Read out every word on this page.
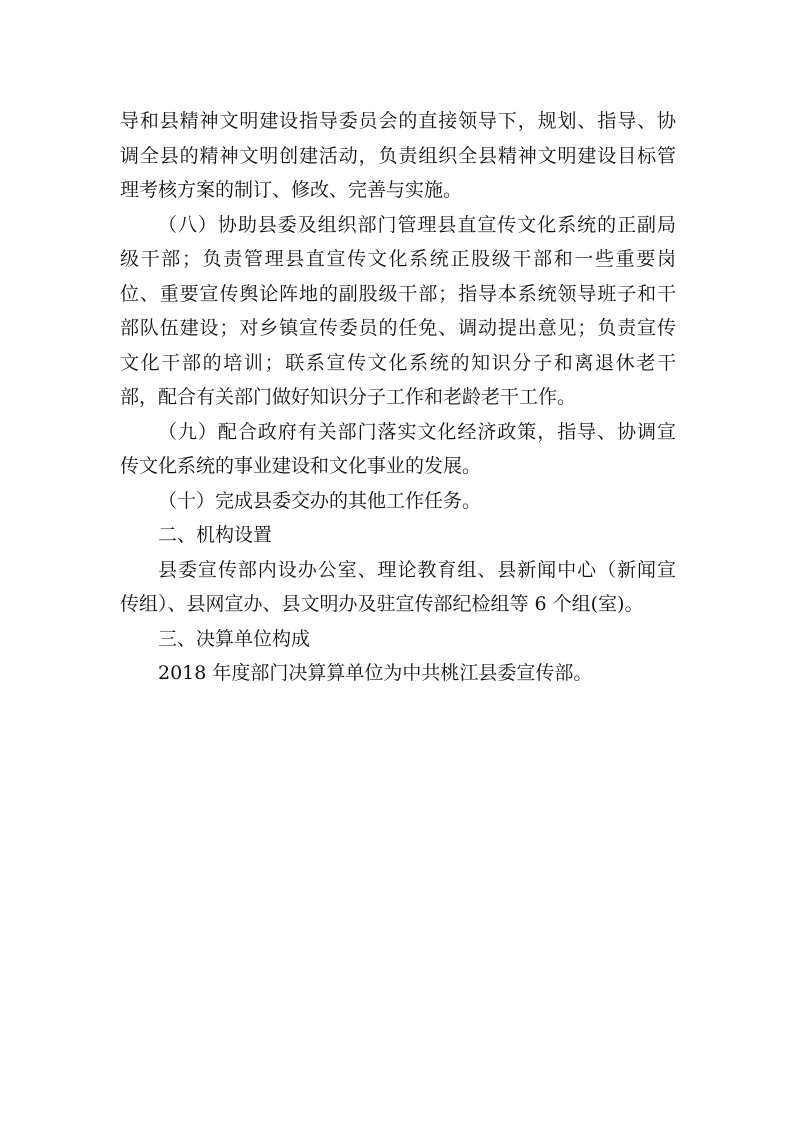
导和县精神文明建设指导委员会的直接领导下，规划、指导、协
调全县的精神文明创建活动，负责组织全县精神文明建设目标管
理考核方案的制订、修改、完善与实施。
（八）协助县委及组织部门管理县直宣传文化系统的正副局
级干部；负责管理县直宣传文化系统正股级干部和一些重要岗
位、重要宣传舆论阵地的副股级干部；指导本系统领导班子和干
部队伍建设；对乡镇宣传委员的任免、调动提出意见；负责宣传
文化干部的培训；联系宣传文化系统的知识分子和离退休老干
部，配合有关部门做好知识分子工作和老龄老干工作。
（九）配合政府有关部门落实文化经济政策，指导、协调宣
传文化系统的事业建设和文化事业的发展。
（十）完成县委交办的其他工作任务。
二、机构设置
县委宣传部内设办公室、理论教育组、县新闻中心（新闻宣
传组）、县网宣办、县文明办及驻宣传部纪检组等 6 个组(室)。
三、决算单位构成
2018 年度部门决算算单位为中共桃江县委宣传部。
